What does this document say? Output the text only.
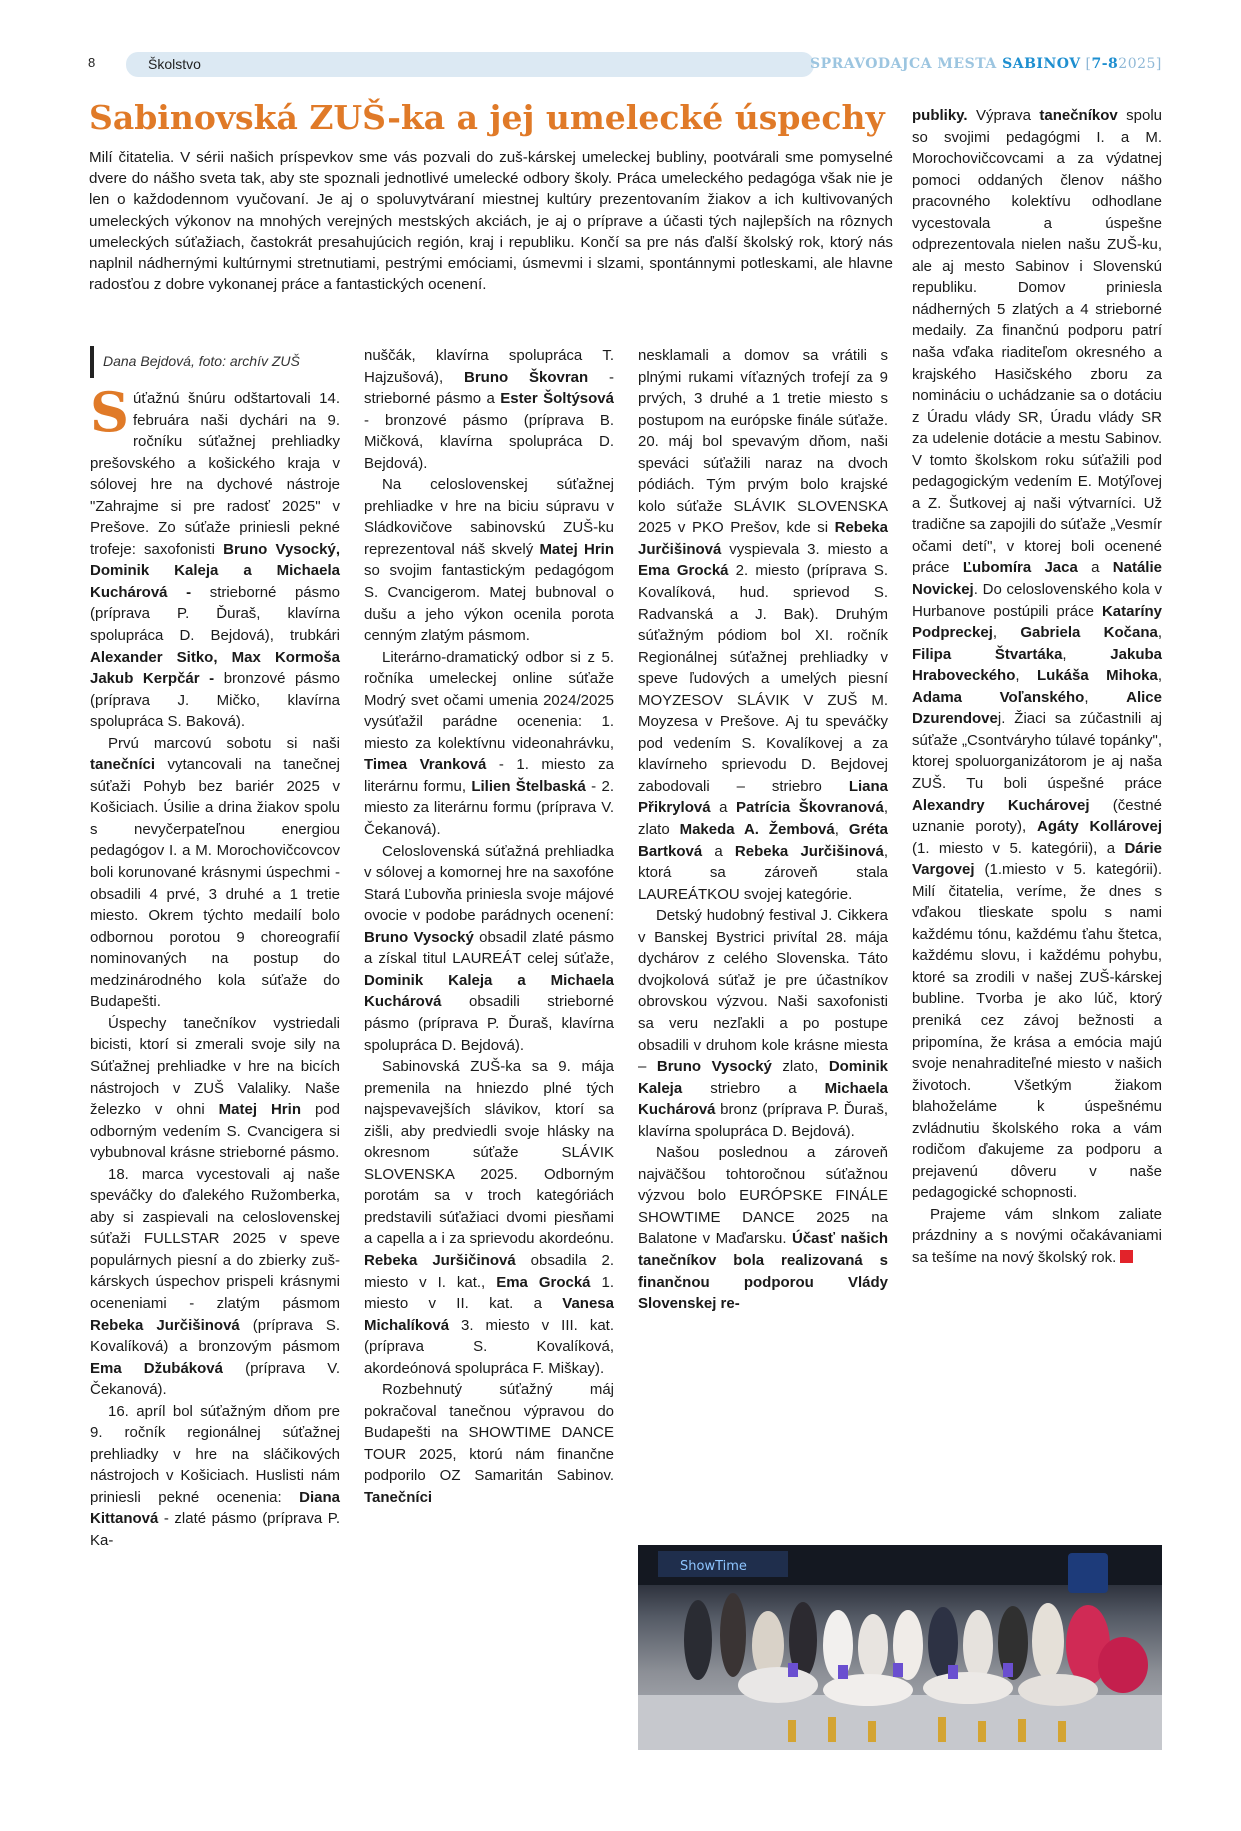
8	Školstvo	SPRAVODAJCA MESTA SABINOV [7-82025]
Sabinovská ZUŠ-ka a jej umelecké úspechy

Milí čitatelia. V sérii našich príspevkov sme vás pozvali do zuš-kárskej umeleckej bubliny, pootvárali sme pomyselné dvere do nášho sveta tak, aby ste spoznali jednotlivé umelecké odbory školy. Práca umeleckého pedagóga však nie je len o každodennom vyučovaní. Je aj o spoluvytváraní miestnej kultúry prezentovaním žiakov a ich kultivovaných umeleckých výkonov na mnohých verejných mestských akciách, je aj o príprave a účasti tých najlepších na rôznych umeleckých súťažiach, častokrát presahujúcich región, kraj i republiku. Končí sa pre nás ďalší školský rok, ktorý nás naplnil nádhernými kultúrnymi stretnutiami, pestrými emóciami, úsmevmi i slzami, spontánnymi potleskami, ale hlavne radosťou z dobre vykonanej práce a fantastických ocenení.

Dana Bejdová, foto: archív ZUŠ

Súťažnú šnúru odštartovali 14. februára naši dychári na 9. ročníku súťažnej prehliadky prešovského a košického kraja v sólovej hre na dychové nástroje "Zahrajme si pre radosť 2025" v Prešove. Zo súťaže priniesli pekné trofeje: saxofonisti Bruno Vysocký, Dominik Kaleja a Michaela Kuchárová - strieborné pásmo (príprava P. Ďuraš, klavírna spolupráca D. Bejdová), trubkári Alexander Sitko, Max Kormoša Jakub Kerpčár - bronzové pásmo (príprava J. Mičko, klavírna spolupráca S. Baková).

Prvú marcovú sobotu si naši tanečníci vytancovali na tanečnej súťaži Pohyb bez bariér 2025 v Košiciach. Úsilie a drina žiakov spolu s nevyčerpateľnou energiou pedagógov I. a M. Morochovičcovcov boli korunované krásnymi úspechmi - obsadili 4 prvé, 3 druhé a 1 tretie miesto. Okrem týchto medailí bolo odbornou porotou 9 choreografií nominovaných na postup do medzinárodného kola súťaže do Budapešti.

Úspechy tanečníkov vystriedali bicisti, ktorí si zmerali svoje sily na Súťažnej prehliadke v hre na bicích nástrojoch v ZUŠ Valaliky. Naše železko v ohni Matej Hrin pod odborným vedením S. Cvancigera si vybubnoval krásne strieborné pásmo.

18. marca vycestovali aj naše speváčky do ďalekého Ružomberka, aby si zaspievali na celoslovenskej súťaži FULLSTAR 2025 v speve populárnych piesní a do zbierky zuš-kárskych úspechov prispeli krásnymi oceneniami - zlatým pásmom Rebeka Jurčišinová (príprava S. Kovalíková) a bronzovým pásmom Ema Džubáková (príprava V. Čekanová).

16. apríl bol súťažným dňom pre 9. ročník regionálnej súťažnej prehliadky v hre na sláčikových nástrojoch v Košiciach. Huslisti nám priniesli pekné ocenenia: Diana Kittanová - zlaté pásmo (príprava P. Ka-

nuščák, klavírna spolupráca T. Hajzušová), Bruno Škovran - strieborné pásmo a Ester Šoltýsová - bronzové pásmo (príprava B. Mičková, klavírna spolupráca D. Bejdová).

Na celoslovenskej súťažnej prehliadke v hre na biciu súpravu v Sládkovičove sabinovskú ZUŠ-ku reprezentoval náš skvelý Matej Hrin so svojim fantastickým pedagógom S. Cvancigerom. Matej bubnoval o dušu a jeho výkon ocenila porota cenným zlatým pásmom.

Literárno-dramatický odbor si z 5. ročníka umeleckej online súťaže Modrý svet očami umenia 2024/2025 vysúťažil parádne ocenenia: 1. miesto za kolektívnu videonahrávku, Timea Vranková - 1. miesto za literárnu formu, Lilien Štelbaská - 2. miesto za literárnu formu (príprava V. Čekanová).

Celoslovenská súťažná prehliadka v sólovej a komornej hre na saxofóne Stará Ľubovňa priniesla svoje májové ovocie v podobe parádnych ocenení: Bruno Vysocký obsadil zlaté pásmo a získal titul LAUREÁT celej súťaže, Dominik Kaleja a Michaela Kuchárová obsadili strieborné pásmo (príprava P. Ďuraš, klavírna spolupráca D. Bejdová).

Sabinovská ZUŠ-ka sa 9. mája premenila na hniezdo plné tých najspevavejších slávikov, ktorí sa zišli, aby predviedli svoje hlásky na okresnom súťaže SLÁVIK SLOVENSKA 2025. Odborným porotám sa v troch kategóriách predstavili súťažiaci dvomi piesňami a capella a i za sprievodu akordeónu. Rebeka Juršičinová obsadila 2. miesto v I. kat., Ema Grocká 1. miesto v II. kat. a Vanesa Michalíková 3. miesto v III. kat. (príprava S. Kovalíková, akordeónová spolupráca F. Miškay).

Rozbehnutý súťažný máj pokračoval tanečnou výpravou do Budapešti na SHOWTIME DANCE TOUR 2025, ktorú nám finančne podporilo OZ Samaritán Sabinov. Tanečníci

nesklamali a domov sa vrátili s plnými rukami víťazných trofejí za 9 prvých, 3 druhé a 1 tretie miesto s postupom na európske finále súťaže. 20. máj bol spevavým dňom, naši speváci súťažili naraz na dvoch pódiách. Tým prvým bolo krajské kolo súťaže SLÁVIK SLOVENSKA 2025 v PKO Prešov, kde si Rebeka Jurčišinová vyspievala 3. miesto a Ema Grocká 2. miesto (príprava S. Kovalíková, hud. sprievod S. Radvanská a J. Bak). Druhým súťažným pódiom bol XI. ročník Regionálnej súťažnej prehliadky v speve ľudových a umelých piesní MOYZESOV SLÁVIK V ZUŠ M. Moyzesa v Prešove. Aj tu speváčky pod vedením S. Kovalíkovej a za klavírneho sprievodu D. Bejdovej zabodovali – striebro Liana Přikrylová a Patrícia Škovranová, zlato Makeda A. Žembová, Gréta Bartková a Rebeka Jurčišinová, ktorá sa zároveň stala LAUREÁTKOU svojej kategórie.

Detský hudobný festival J. Cikkera v Banskej Bystrici privítal 28. mája dychárov z celého Slovenska. Táto dvojkolová súťaž je pre účastníkov obrovskou výzvou. Naši saxofonisti sa veru nezľakli a po postupe obsadili v druhom kole krásne miesta – Bruno Vysocký zlato, Dominik Kaleja striebro a Michaela Kuchárová bronz (príprava P. Ďuraš, klavírna spolupráca D. Bejdová).

Našou poslednou a zároveň najväčšou tohtoročnou súťažnou výzvou bolo EURÓPSKE FINÁLE SHOWTIME DANCE 2025 na Balatone v Maďarsku. Účasť našich tanečníkov bola realizovaná s finančnou podporou Vlády Slovenskej re-

publiky. Výprava tanečníkov spolu so svojimi pedagógmi I. a M. Morochovičcovcami a za výdatnej pomoci oddaných členov nášho pracovného kolektívu odhodlane vycestovala a úspešne odprezentovala nielen našu ZUŠ-ku, ale aj mesto Sabinov i Slovenskú republiku. Domov priniesla nádherných 5 zlatých a 4 strieborné medaily. Za finančnú podporu patrí naša vďaka riaditeľom okresného a krajského Hasičského zboru za nomináciu o uchádzanie sa o dotáciu z Úradu vlády SR, Úradu vlády SR za udelenie dotácie a mestu Sabinov. V tomto školskom roku súťažili pod pedagogickým vedením E. Motýľovej a Z. Šutkovej aj naši výtvarníci. Už tradične sa zapojili do súťaže „Vesmír očami detí", v ktorej boli ocenené práce Ľubomíra Jaca a Natálie Novickej. Do celoslovenského kola v Hurbanove postúpili práce Kataríny Podpreckej, Gabriela Kočana, Filipa Štvartáka, Jakuba Hraboveckého, Lukáša Mihoka, Adama Voľanského, Alice Dzurendovej. Žiaci sa zúčastnili aj súťaže „Csontváryho túlavé topánky", ktorej spoluorganizátorom je aj naša ZUŠ. Tu boli úspešné práce Alexandry Kuchárovej (čestné uznanie poroty), Agáty Kollárovej (1. miesto v 5. kategórii), a Dárie Vargovej (1.miesto v 5. kategórii). Milí čitatelia, veríme, že dnes s vďakou tlieskate spolu s nami každému tónu, každému ťahu štetca, každému slovu, i každému pohybu, ktoré sa zrodili v našej ZUŠ-kárskej bubline. Tvorba je ako lúč, ktorý preniká cez závoj bežnosti a pripomína, že krása a emócia majú svoje nenahraditeľné miesto v našich životoch. Všetkým žiakom blahoželáme k úspešnému zvládnutiu školského roka a vám rodičom ďakujeme za podporu a prejavenú dôveru v naše pedagogické schopnosti.

Prajeme vám slnkom zaliate prázdniny a s novými očakávaniami sa tešíme na nový školský rok.

ShowTime
